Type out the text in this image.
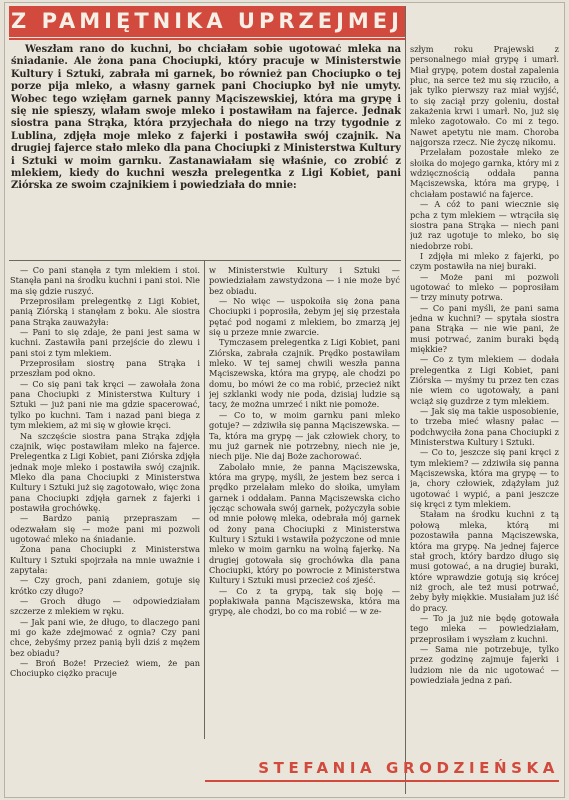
Z PAMIĘTNIKA UPRZEJMEJ

Weszłam rano do kuchni, bo chciałam sobie ugotować mleka na śniadanie. Ale żona pana Chociupki, który pracuje w Ministerstwie Kultury i Sztuki, zabrała mi garnek, bo również pan Chociupko o tej porze pija mleko, a własny garnek pani Chociupko był nie umyty. Wobec tego wzięłam garnek panny Mąciszewskiej, która ma grypę i się nie spieszy, wlałam swoje mleko i postawiłam na fajerce. Jednak siostra pana Strąka, która przyjechała do niego na trzy tygodnie z Lublina, zdjęła moje mleko z fajerki i postawiła swój czajnik. Na drugiej fajerce stało mleko dla pana Chociupki z Ministerstwa Kultury i Sztuki w moim garnku. Zastanawiałam się właśnie, co zrobić z mlekiem, kiedy do kuchni weszła prelegentka z Ligi Kobiet, pani Ziórska ze swoim czajnikiem i powiedziała do mnie:

— Co pani stanęła z tym mlekiem i stoi. Stanęła pani na środku kuchni i pani stoi. Nie ma się gdzie ruszyć.

Przeprosiłam prelegentkę z Ligi Kobiet, panią Ziórską i stanęłam z boku. Ale siostra pana Strąka zauważyła:

— Pani to się zdaje, że pani jest sama w kuchni. Zastawiła pani przejście do zlewu i pani stoi z tym mlekiem.

Przeprosiłam siostrę pana Strąka i przeszłam pod okno.

— Co się pani tak kręci — zawołała żona pana Chociupki z Ministerstwa Kultury i Sztuki — już pani nie ma gdzie spacerować, tylko po kuchni. Tam i nazad pani biega z tym mlekiem, aż mi się w głowie kręci.

Na szczęście siostra pana Strąka zdjęła czajnik, więc postawiłam mleko na fajerce. Prelegentka z Ligi Kobiet, pani Ziórska zdjęła jednak moje mleko i postawiła swój czajnik. Mleko dla pana Chociupki z Ministerstwa Kultury i Sztuki już się zagotowało, więc żona pana Chociupki zdjęła garnek z fajerki i postawiła grochówkę.

— Bardzo panią przepraszam — odezwałam się — może pani mi pozwoli ugotować mleko na śniadanie.

Żona pana Chociupki z Ministerstwa Kultury i Sztuki spojrzała na mnie uważnie i zapytała:

— Czy groch, pani zdaniem, gotuje się krótko czy długo?

— Groch długo — odpowiedziałam szczerze z mlekiem w ręku.

— Jak pani wie, że długo, to dlaczego pani mi go każe zdejmować z ognia? Czy pani chce, żebyśmy przez panią byli dziś z mężem bez obiadu?

— Broń Boże! Przecież wiem, że pan Chociupko ciężko pracuje

w Ministerstwie Kultury i Sztuki — powiedziałam zawstydzona — i nie może być bez obiadu.

— No więc — uspokoiła się żona pana Chociupki i poprosiła, żebym jej się przestała pętać pod nogami z mlekiem, bo zmarzą jej się u przeze mnie zwarcie.

Tymczasem prelegentka z Ligi Kobiet, pani Ziórska, zabrała czajnik. Prędko postawiłam mleko. W tej samej chwili weszła panna Mąciszewska, która ma grypę, ale chodzi po domu, bo mówi że co ma robić, przecież nikt jej szklanki wody nie poda, dzisiaj ludzie są tacy, że można umrzeć i nikt nie pomoże.

— Co to, w moim garnku pani mleko gotuje? — zdziwiła się panna Mąciszewska. — Ta, która ma grypę — jak człowiek chory, to mu już garnek nie potrzebny, niech nie je, niech pije. Nie daj Boże zachorować.

Zabolało mnie, że panna Mąciszewska, która ma grypę, myśli, że jestem bez serca i prędko przelałam mleko do słoika, umyłam garnek i oddałam. Panna Mąciszewska cicho jęcząc schowała swój garnek, pożyczyła sobie od mnie połowę mleka, odebrała mój garnek od żony pana Chociupki z Ministerstwa Kultury i Sztuki i wstawiła pożyczone od mnie mleko w moim garnku na wolną fajerkę. Na drugiej gotowała się grochówka dla pana Chociupki, który po powrocie z Ministerstwa Kultury i Sztuki musi przecież coś zjeść.

— Co z ta grypą, tak się boję — popłakiwała panna Mąciszewska, która ma grypę, ale chodzi, bo co ma robić — w ze-

szłym roku Prajewski z personalnego miał grypę i umarł. Miał grypę, potem dostał zapalenia płuc, na serce też mu się rzuciło, a jak tylko pierwszy raz miał wyjść, to się zaciął przy goleniu, dostał zakażenia krwi i umarł. No, już się mleko zagotowało. Co mi z tego. Nawet apetytu nie mam. Choroba najgorsza rzecz. Nie życzę nikomu.

Przelałam pozostałe mleko ze słoika do mojego garnka, który mi z wdzięcznością oddała panna Mąciszewska, która ma grypę, i chciałam postawić na fajerce.

— A cóż to pani wiecznie się pcha z tym mlekiem — wtrąciła się siostra pana Strąka — niech pani już raz ugotuje to mleko, bo się niedobrze robi.

I zdjęła mi mleko z fajerki, po czym postawiła na niej buraki.

— Może pani mi pozwoli ugotować to mleko — poprosiłam — trzy minuty potrwa.

— Co pani myśli, że pani sama jedna w kuchni? — spytała siostra pana Strąka — nie wie pani, że musi potrwać, zanim buraki będą miękkie?

— Co z tym mlekiem — dodała prelegentka z Ligi Kobiet, pani Ziórska — myśmy tu przez ten czas nie wiem co ugotowały, a pani wciąż się guzdrze z tym mlekiem.

— Jak się ma takie usposobienie, to trzeba mieć własny pałac — podchwyciła żona pana Chociupki z Ministerstwa Kultury i Sztuki.

— Co to, jeszcze się pani kręci z tym mlekiem? — zdziwiła się panna Mąciszewska, która ma grypę — to ja, chory człowiek, zdążyłam już ugotować i wypić, a pani jeszcze się kręci z tym mlekiem.

Stałam na środku kuchni z tą połową mleka, którą mi pozostawiła panna Mąciszewska, która ma grypę. Na jednej fajerce stał groch, który bardzo długo się musi gotować, a na drugiej buraki, które wprawdzie gotują się krócej niż groch, ale też musi potrwać, żeby były miękkie. Musiałam już iść do pracy.

— To ja już nie będę gotowała tego mleka — powiedziałam, przeprosiłam i wyszłam z kuchni.

— Sama nie potrzebuje, tylko przez godzinę zajmuje fajerki i ludziom nie da nic ugotować — powiedziała jedna z pań.

STEFANIA GRODZIEŃSKA
